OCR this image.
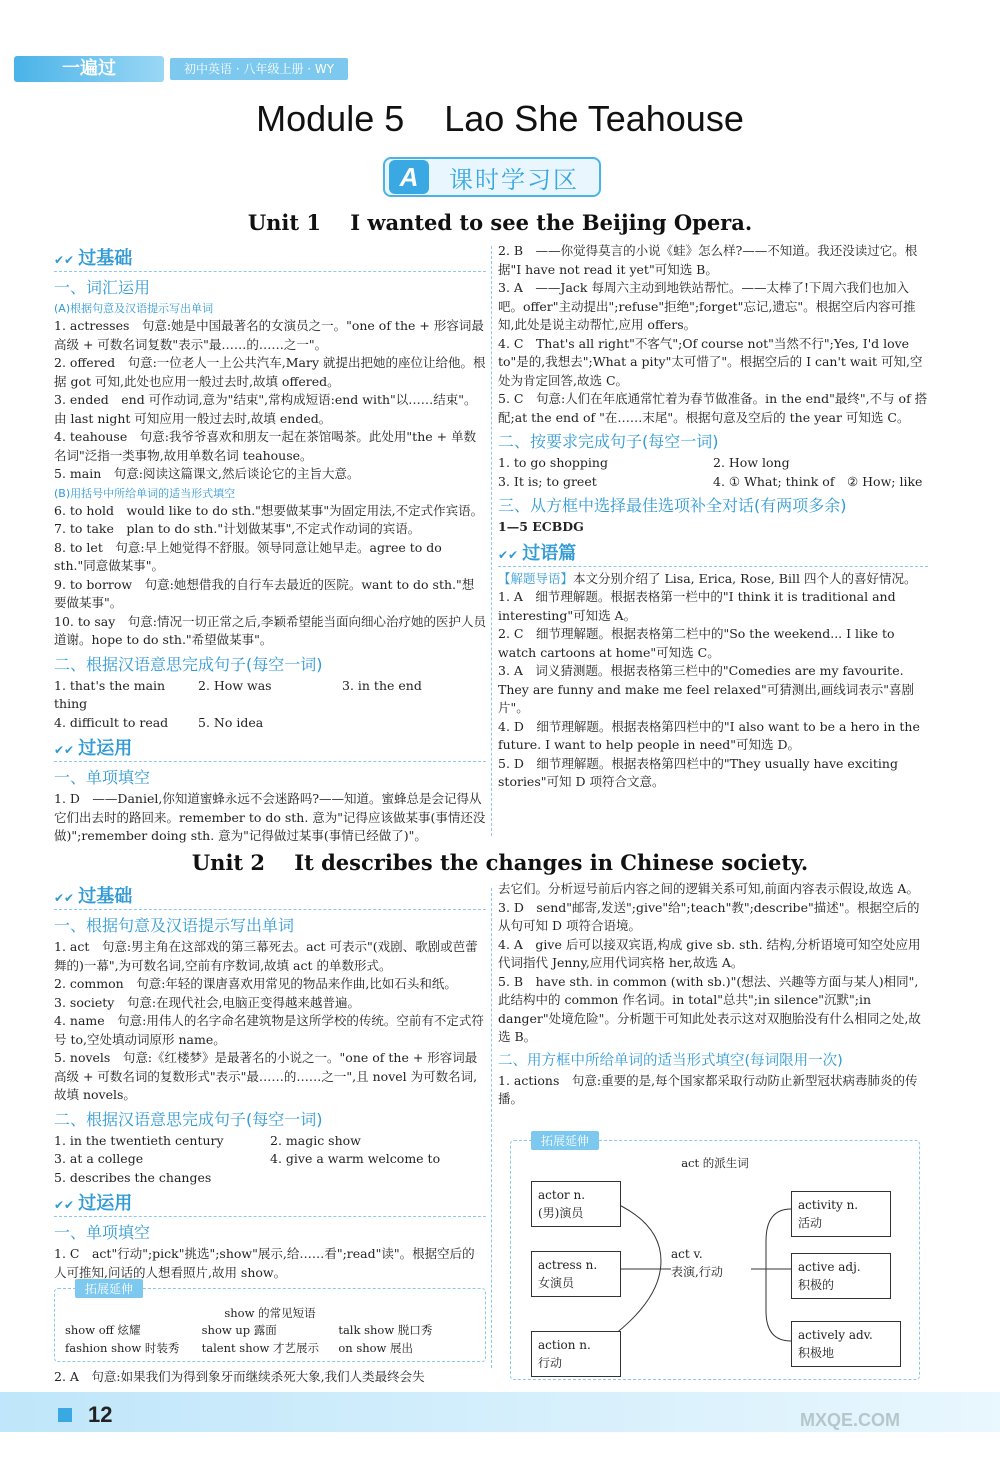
一遍过	初中英语 · 八年级上册 · WY
Module 5    Lao She Teahouse
A	课时学习区
Unit 1    I wanted to see the Beijing Opera.
✔✔ 过基础
一、词汇运用
(A)根据句意及汉语提示写出单词
1. actresses　句意:她是中国最著名的女演员之一。"one of the + 形容词最高级 + 可数名词复数"表示"最……的……之一"。
2. offered　句意:一位老人一上公共汽车,Mary 就提出把她的座位让给他。根据 got 可知,此处也应用一般过去时,故填 offered。
3. ended　end 可作动词,意为"结束",常构成短语:end with"以……结束"。由 last night 可知应用一般过去时,故填 ended。
4. teahouse　句意:我爷爷喜欢和朋友一起在茶馆喝茶。此处用"the + 单数名词"泛指一类事物,故用单数名词 teahouse。
5. main　句意:阅读这篇课文,然后谈论它的主旨大意。
(B)用括号中所给单词的适当形式填空
6. to hold　would like to do sth."想要做某事"为固定用法,不定式作宾语。
7. to take　plan to do sth."计划做某事",不定式作动词的宾语。
8. to let　句意:早上她觉得不舒服。领导同意让她早走。agree to do sth."同意做某事"。
9. to borrow　句意:她想借我的自行车去最近的医院。want to do sth."想要做某事"。
10. to say　句意:情况一切正常之后,李颖希望能当面向细心治疗她的医护人员道谢。hope to do sth."希望做某事"。
二、根据汉语意思完成句子(每空一词)
1. that's the main thing
2. How was	3. in the end
4. difficult to read	5. No idea
✔✔ 过运用
一、单项填空
1. D　——Daniel,你知道蜜蜂永远不会迷路吗?——知道。蜜蜂总是会记得从它们出去时的路回来。remember to do sth. 意为"记得应该做某事(事情还没做)";remember doing sth. 意为"记得做过某事(事情已经做了)"。
2. B　——你觉得莫言的小说《蛙》怎么样?——不知道。我还没读过它。根据"I have not read it yet"可知选 B。
3. A　——Jack 每周六主动到地铁站帮忙。——太棒了!下周六我们也加入吧。offer"主动提出";refuse"拒绝";forget"忘记,遗忘"。根据空后内容可推知,此处是说主动帮忙,应用 offers。
4. C　That's all right"不客气";Of course not"当然不行";Yes, I'd love to"是的,我想去";What a pity"太可惜了"。根据空后的 I can't wait 可知,空处为肯定回答,故选 C。
5. C　句意:人们在年底通常忙着为春节做准备。in the end"最终",不与 of 搭配;at the end of "在……末尾"。根据句意及空后的 the year 可知选 C。
二、按要求完成句子(每空一词)
1. to go shopping	2. How long
3. It is; to greet	4. ① What; think of　② How; like
三、从方框中选择最佳选项补全对话(有两项多余)
1—5 ECBDG
✔✔ 过语篇
【解题导语】本文分别介绍了 Lisa, Erica, Rose, Bill 四个人的喜好情况。
1. A　细节理解题。根据表格第一栏中的"I think it is traditional and interesting"可知选 A。
2. C　细节理解题。根据表格第二栏中的"So the weekend... I like to watch cartoons at home"可知选 C。
3. A　词义猜测题。根据表格第三栏中的"Comedies are my favourite. They are funny and make me feel relaxed"可猜测出,画线词表示"喜剧片"。
4. D　细节理解题。根据表格第四栏中的"I also want to be a hero in the future. I want to help people in need"可知选 D。
5. D　细节理解题。根据表格第四栏中的"They usually have exciting stories"可知 D 项符合文意。
Unit 2    It describes the changes in Chinese society.
✔✔ 过基础
一、根据句意及汉语提示写出单词
1. act　句意:男主角在这部戏的第三幕死去。act 可表示"(戏剧、歌剧或芭蕾舞的)一幕",为可数名词,空前有序数词,故填 act 的单数形式。
2. common　句意:年轻的课唐喜欢用常见的物品来作曲,比如石头和纸。
3. society　句意:在现代社会,电脑正变得越来越普遍。
4. name　句意:用伟人的名字命名建筑物是这所学校的传统。空前有不定式符号 to,空处填动词原形 name。
5. novels　句意:《红楼梦》是最著名的小说之一。"one of the + 形容词最高级 + 可数名词的复数形式"表示"最……的……之一",且 novel 为可数名词,故填 novels。
二、根据汉语意思完成句子(每空一词)
1. in the twentieth century	2. magic show
3. at a college	4. give a warm welcome to
5. describes the changes
✔✔ 过运用
一、单项填空
1. C　act"行动";pick"挑选";show"展示,给……看";read"读"。根据空后的人可推知,问话的人想看照片,故用 show。
拓展延伸
show 的常见短语
show off 炫耀	show up 露面	talk show 脱口秀
fashion show 时装秀	talent show 才艺展示	on show 展出
2. A　句意:如果我们为得到象牙而继续杀死大象,我们人类最终会失
去它们。分析逗号前后内容之间的逻辑关系可知,前面内容表示假设,故选 A。
3. D　send"邮寄,发送";give"给";teach"教";describe"描述"。根据空后的从句可知 D 项符合语境。
4. A　give 后可以接双宾语,构成 give sb. sth. 结构,分析语境可知空处应用代词指代 Jenny,应用代词宾格 her,故选 A。
5. B　have sth. in common (with sb.)"(想法、兴趣等方面与某人)相同",此结构中的 common 作名词。in total"总共";in silence"沉默";in danger"处境危险"。分析题干可知此处表示这对双胞胎没有什么相同之处,故选 B。
二、用方框中所给单词的适当形式填空(每词限用一次)
1. actions　句意:重要的是,每个国家都采取行动防止新型冠状病毒肺炎的传播。
拓展延伸
act 的派生词
actor n.
(男)演员
actress n.
女演员
action n.
行动
act v.
表演,行动
activity n.
活动
active adj.
积极的
actively adv.
积极地
12	MXQE.COM
